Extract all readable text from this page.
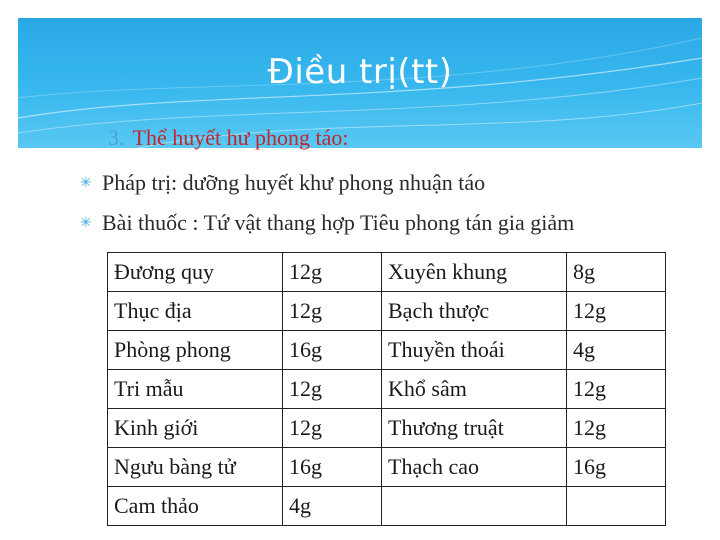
Điều trị(tt)
3. Thể huyết hư phong táo:
✳ Pháp trị: dưỡng huyết khư phong nhuận táo
✳ Bài thuốc : Tứ vật thang hợp Tiêu phong tán gia giảm
Đương quy	12g	Xuyên khung	8g
Thục địa	12g	Bạch thược	12g
Phòng phong	16g	Thuyền thoái	4g
Tri mẫu	12g	Khổ sâm	12g
Kinh giới	12g	Thương truật	12g
Ngưu bàng tử	16g	Thạch cao	16g
Cam thảo	4g		
